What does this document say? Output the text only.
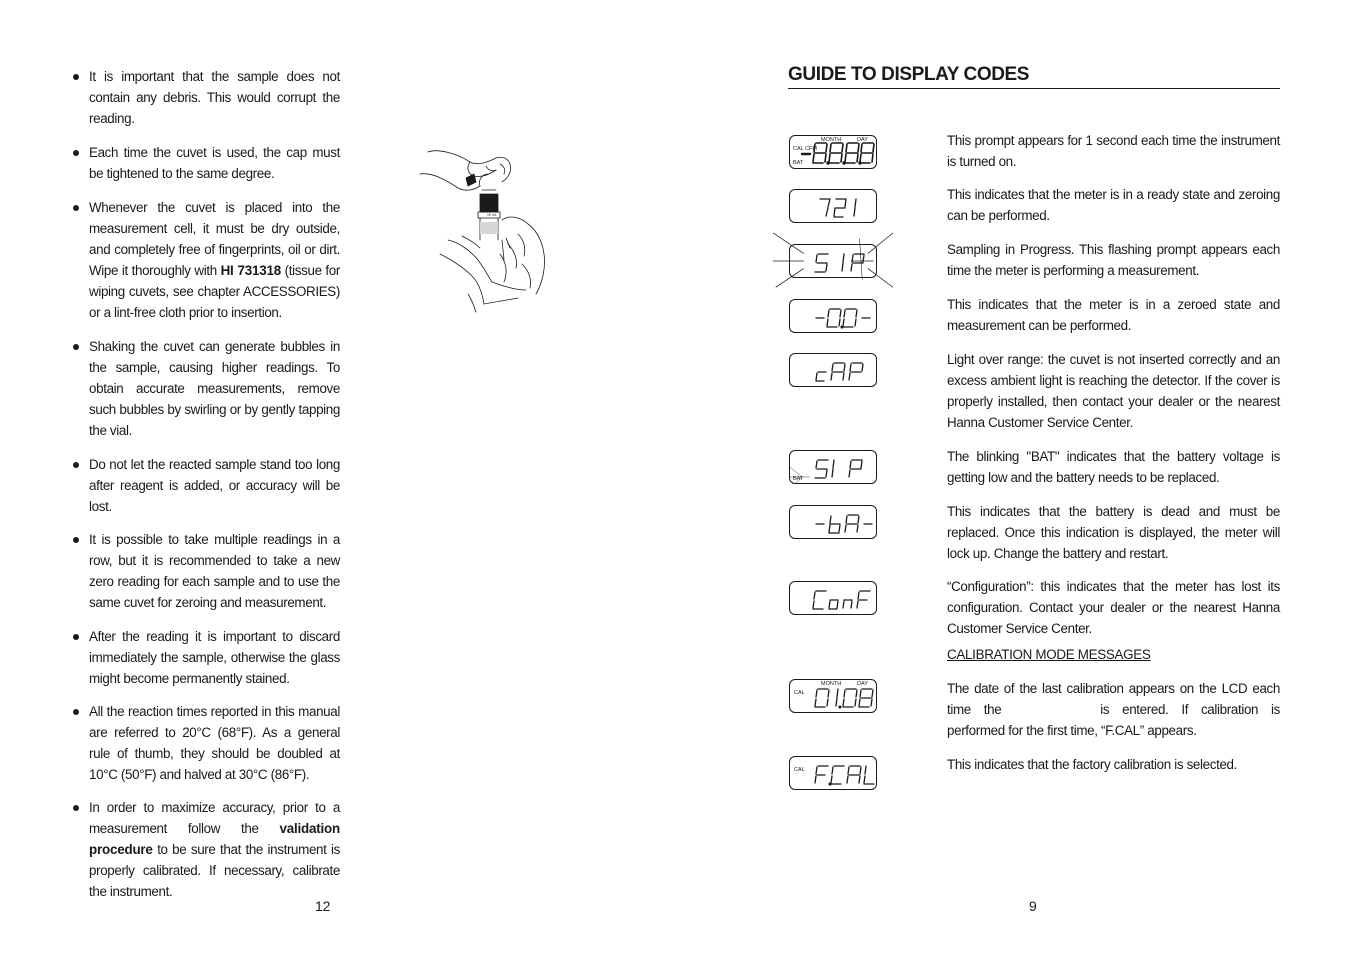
It is important that the sample does not contain any debris. This would corrupt the reading.
Each time the cuvet is used, the cap must be tightened to the same degree.
Whenever the cuvet is placed into the measurement cell, it must be dry outside, and completely free of fingerprints, oil or dirt. Wipe it thoroughly with HI 731318 (tissue for wiping cuvets, see chapter ACCESSORIES) or a lint-free cloth prior to insertion.
Shaking the cuvet can generate bubbles in the sample, causing higher readings. To obtain accurate measurements, remove such bubbles by swirling or by gently tapping the vial.
Do not let the reacted sample stand too long after reagent is added, or accuracy will be lost.
It is possible to take multiple readings in a row, but it is recommended to take a new zero reading for each sample and to use the same cuvet for zeroing and measurement.
After the reading it is important to discard immediately the sample, otherwise the glass might become permanently stained.
All the reaction times reported in this manual are referred to 20°C (68°F). As a general rule of thumb, they should be doubled at 10°C (50°F) and halved at 30°C (86°F).
In order to maximize accuracy, prior to a measurement follow the validation procedure to be sure that the instrument is properly calibrated. If necessary, calibrate the instrument.
10 mL
12
GUIDE TO DISPLAY CODES
CAL CFM
MONTH	DAY
BAT

This prompt appears for 1 second each time the instrument is turned on.

This indicates that the meter is in a ready state and zeroing can be performed.

Sampling in Progress. This flashing prompt appears each time the meter is performing a measurement.

This indicates that the meter is in a zeroed state and measurement can be performed.

Light over range: the cuvet is not inserted correctly and an excess ambient light is reaching the detector. If the cover is properly installed, then contact your dealer or the nearest Hanna Customer Service Center.

BAT

The blinking "BAT" indicates that the battery voltage is getting low and the battery needs to be replaced.

This indicates that the battery is dead and must be replaced. Once this indication is displayed, the meter will lock up. Change the battery and restart.

“Configuration”: this indicates that the meter has lost its configuration. Contact your dealer or the nearest Hanna Customer Service Center.

CALIBRATION MODE MESSAGES
CAL
MONTH	DAY	The date of the last calibration appears on the LCD each time the	is entered. If calibration is performed for the first time, “F.CAL” appears.

CAL	This indicates that the factory calibration is selected.

9
